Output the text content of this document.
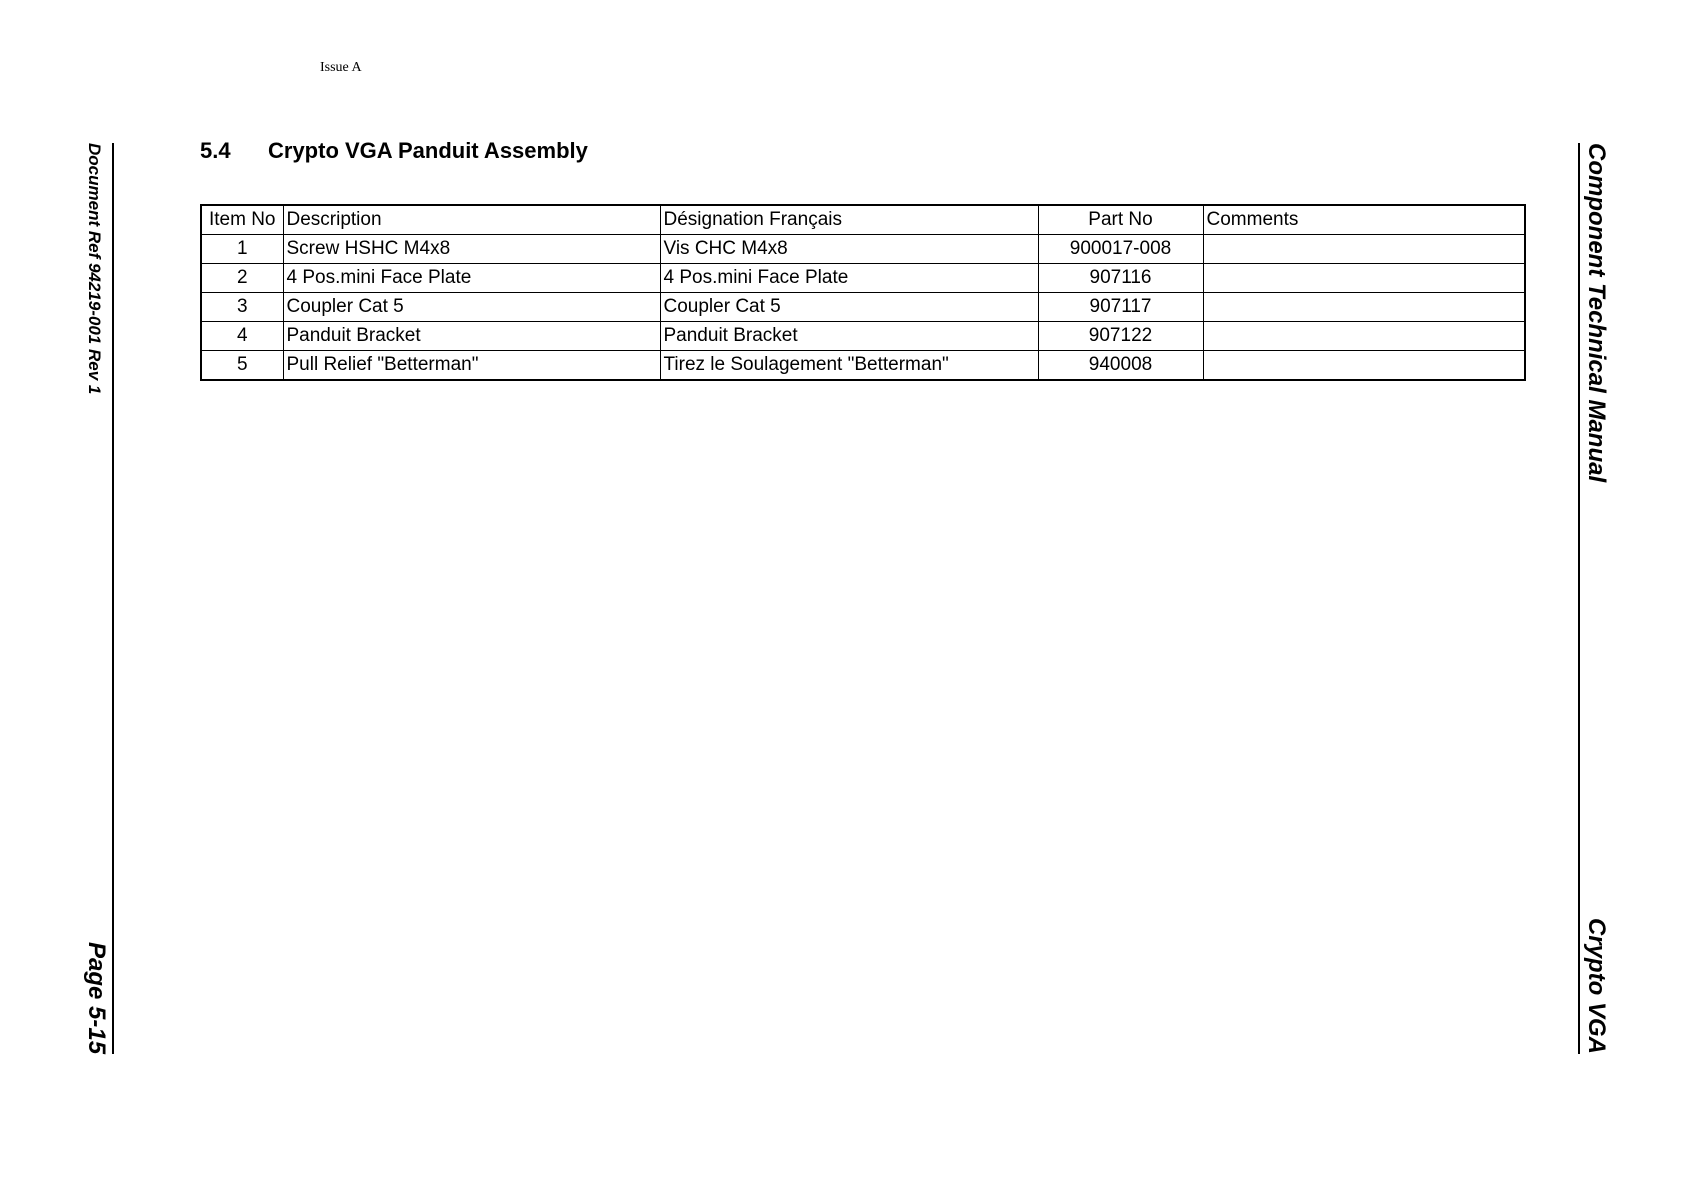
Issue A
Document Ref 94219-001 Rev 1
Page 5-15
Component Technical Manual
Crypto VGA
5.4 Crypto VGA Panduit Assembly
Item No	Description	Désignation Français	Part No	Comments
1	Screw HSHC M4x8	Vis CHC M4x8	900017-008	
2	4 Pos.mini Face Plate	4 Pos.mini Face Plate	907116	
3	Coupler Cat 5	Coupler Cat 5	907117	
4	Panduit Bracket	Panduit Bracket	907122	
5	Pull Relief "Betterman"	Tirez le Soulagement "Betterman"	940008	
